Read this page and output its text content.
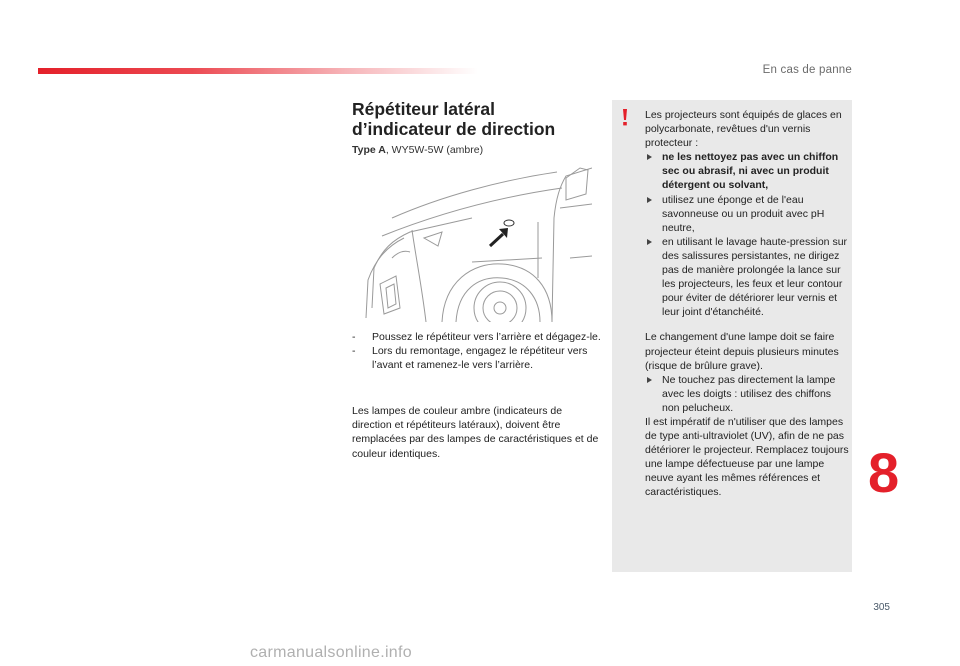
En cas de panne
Répétiteur latéral
d’indicateur de direction
Type A, WY5W-5W (ambre)

- Poussez le répétiteur vers l’arrière et dégagez-le.

- Lors du remontage, engagez le répétiteur vers l’avant et ramenez-le vers l’arrière.

Les lampes de couleur ambre (indicateurs de direction et répétiteurs latéraux), doivent être remplacées par des lampes de caractéristiques et de couleur identiques.

Les projecteurs sont équipés de glaces en polycarbonate, revêtues d'un vernis protecteur :

ne les nettoyez pas avec un chiffon sec ou abrasif, ni avec un produit détergent ou solvant,

utilisez une éponge et de l'eau savonneuse ou un produit avec pH neutre,

en utilisant le lavage haute-pression sur des salissures persistantes, ne dirigez pas de manière prolongée la lance sur les projecteurs, les feux et leur contour pour éviter de détériorer leur vernis et leur joint d'étanchéité.

Le changement d'une lampe doit se faire projecteur éteint depuis plusieurs minutes (risque de brûlure grave).

Ne touchez pas directement la lampe avec les doigts : utilisez des chiffons non pelucheux.

Il est impératif de n'utiliser que des lampes de type anti-ultraviolet (UV), afin de ne pas détériorer le projecteur. Remplacez toujours une lampe défectueuse par une lampe neuve ayant les mêmes références et caractéristiques.	8
305
carmanualsonline.info
